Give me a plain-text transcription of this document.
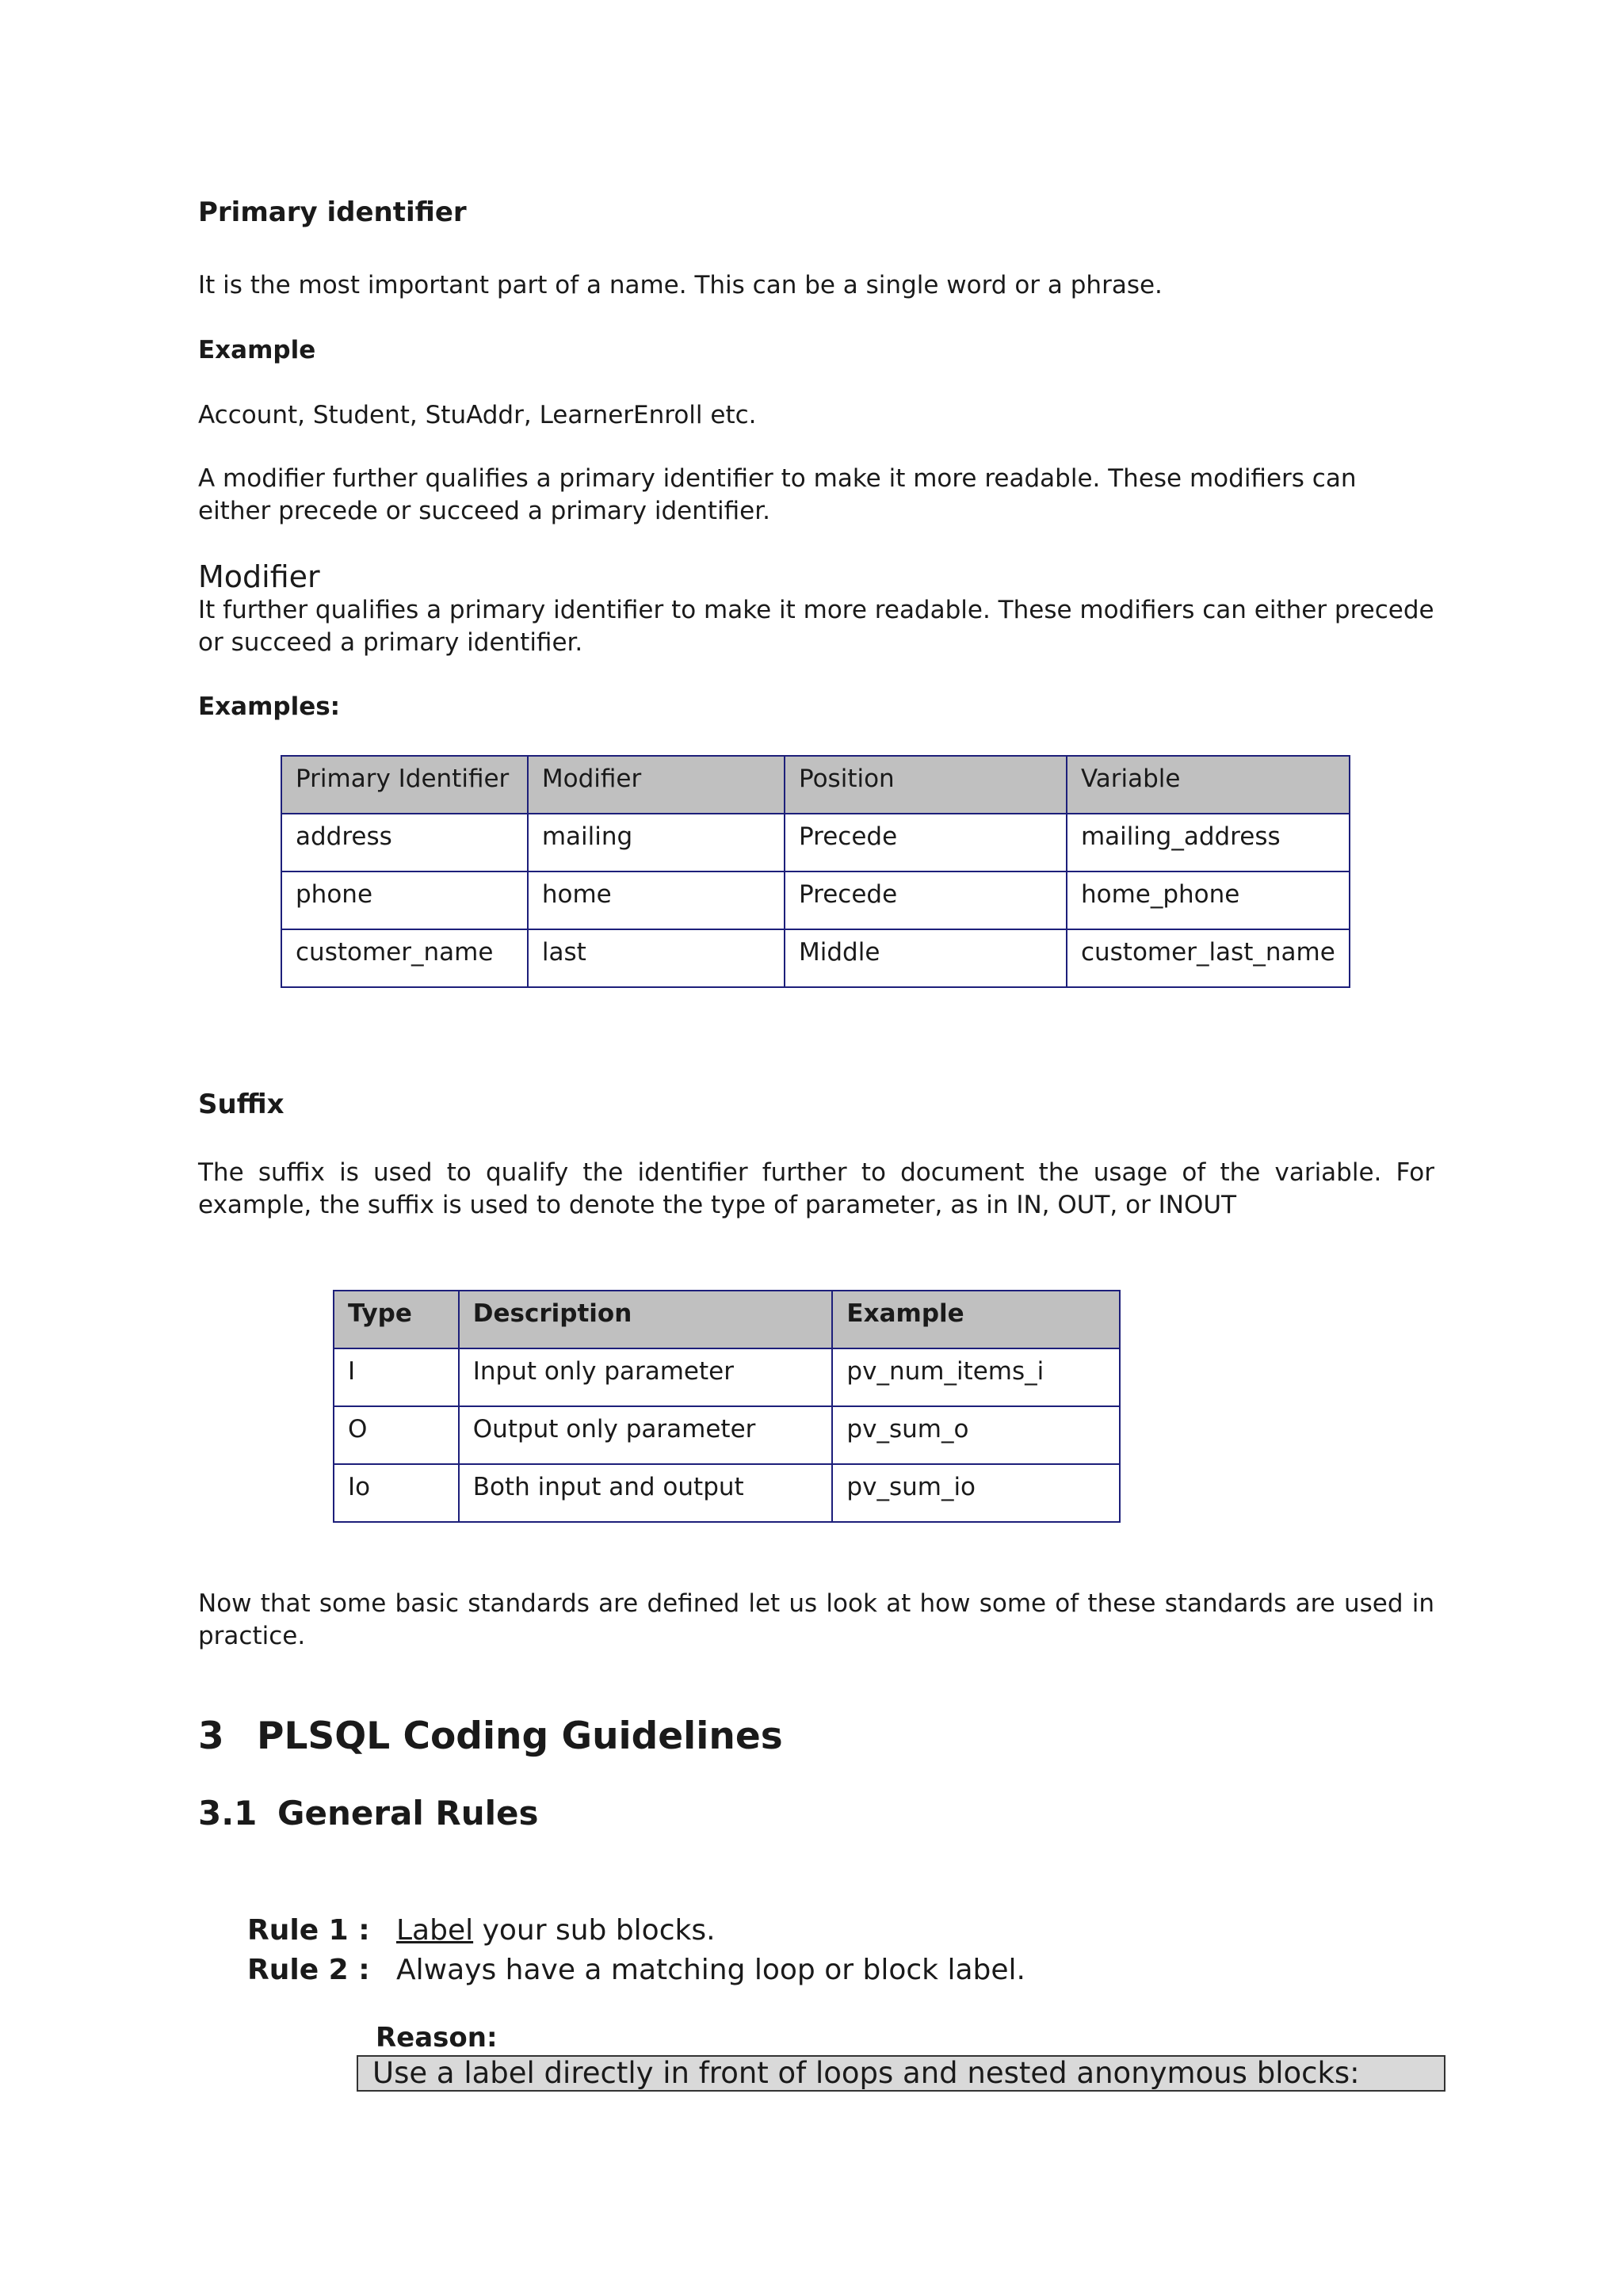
Primary identifier
It is the most important part of a name. This can be a single word or a phrase.
Example
Account, Student, StuAddr, LearnerEnroll etc.
A modifier further qualifies a primary identifier to make it more readable. These modifiers can either precede or succeed a primary identifier.
Modifier
It further qualifies a primary identifier to make it more readable. These modifiers can either precede or succeed a primary identifier.
Examples:
Primary Identifier	Modifier	Position	Variable
address	mailing	Precede	mailing_address
phone	home	Precede	home_phone
customer_name	last	Middle	customer_last_name
Suffix
The suffix is used to qualify the identifier further to document the usage of the variable. For example, the suffix is used to denote the type of parameter, as in IN, OUT, or INOUT
Type	Description	Example
I	Input only parameter	pv_num_items_i
O	Output only parameter	pv_sum_o
Io	Both input and output	pv_sum_io
Now that some basic standards are defined let us look at how some of these standards are used in practice.
3 PLSQL Coding Guidelines
3.1 General Rules
Rule 1 : Label your sub blocks.
Rule 2 : Always have a matching loop or block label.
Reason:
Use a label directly in front of loops and nested anonymous blocks:
